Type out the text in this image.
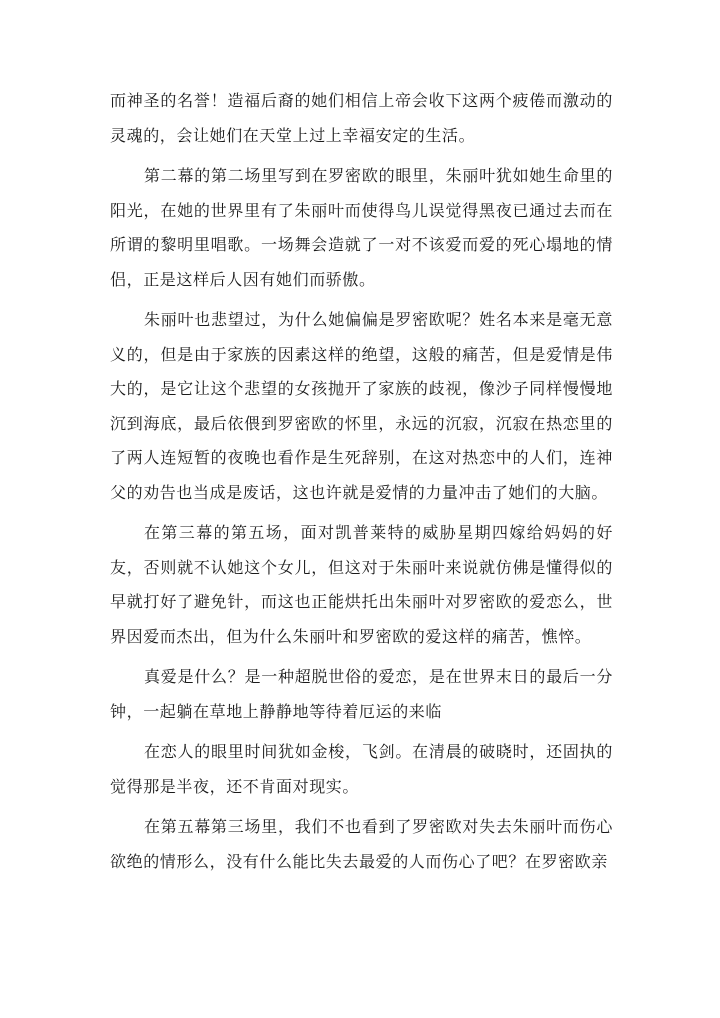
而神圣的名誉！造福后裔的她们相信上帝会收下这两个疲倦而激动的灵魂的，会让她们在天堂上过上幸福安定的生活。

第二幕的第二场里写到在罗密欧的眼里，朱丽叶犹如她生命里的阳光，在她的世界里有了朱丽叶而使得鸟儿误觉得黑夜已通过去而在所谓的黎明里唱歌。一场舞会造就了一对不该爱而爱的死心塌地的情侣，正是这样后人因有她们而骄傲。

朱丽叶也悲望过，为什么她偏偏是罗密欧呢？姓名本来是毫无意义的，但是由于家族的因素这样的绝望，这般的痛苦，但是爱情是伟大的，是它让这个悲望的女孩抛开了家族的歧视，像沙子同样慢慢地沉到海底，最后依偎到罗密欧的怀里，永远的沉寂，沉寂在热恋里的了两人连短暂的夜晚也看作是生死辞别，在这对热恋中的人们，连神父的劝告也当成是废话，这也许就是爱情的力量冲击了她们的大脑。

在第三幕的第五场，面对凯普莱特的威胁星期四嫁给妈妈的好友，否则就不认她这个女儿，但这对于朱丽叶来说就仿佛是懂得似的早就打好了避免针，而这也正能烘托出朱丽叶对罗密欧的爱恋么，世界因爱而杰出，但为什么朱丽叶和罗密欧的爱这样的痛苦，憔悴。

真爱是什么？是一种超脱世俗的爱恋，是在世界末日的最后一分钟，一起躺在草地上静静地等待着厄运的来临

在恋人的眼里时间犹如金梭，飞剑。在清晨的破晓时，还固执的觉得那是半夜，还不肯面对现实。

在第五幕第三场里，我们不也看到了罗密欧对失去朱丽叶而伤心欲绝的情形么，没有什么能比失去最爱的人而伤心了吧？在罗密欧亲
